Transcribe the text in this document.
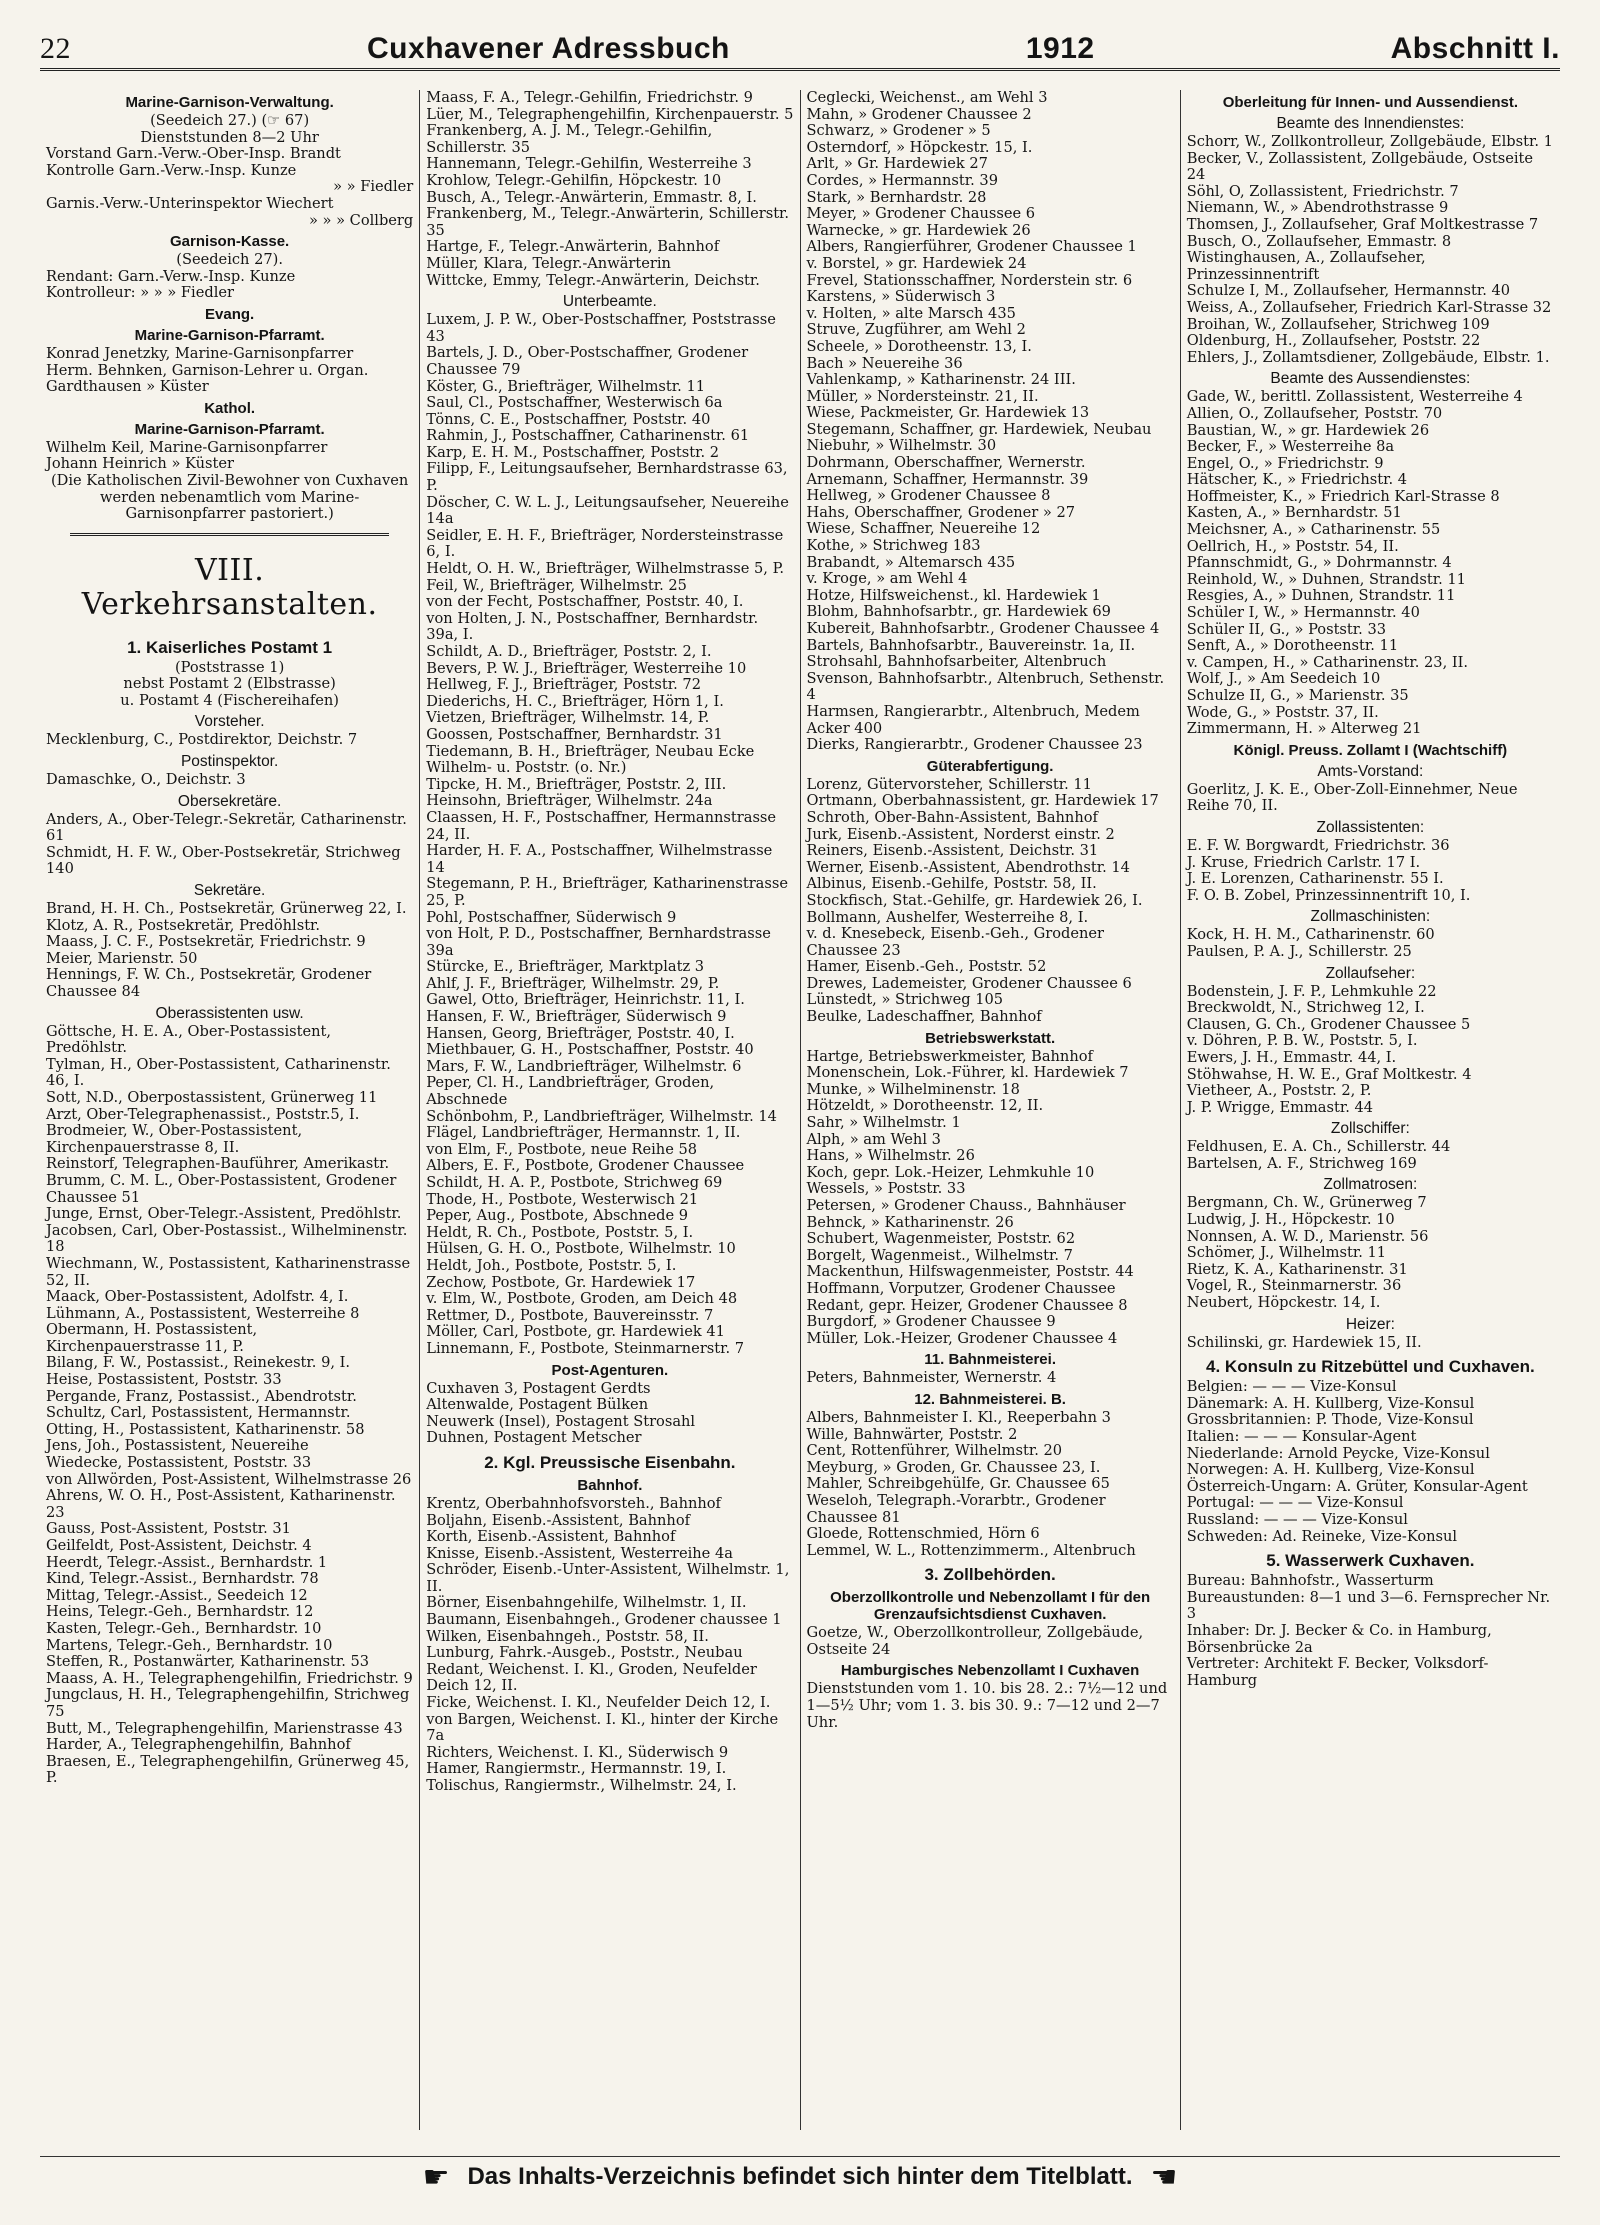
22	Cuxhavener Adressbuch	1912	Abschnitt I.
Marine-Garnison-Verwaltung.

(Seedeich 27.) (☞ 67)

Dienststunden 8—2 Uhr

Vorstand Garn.-Verw.-Ober-Insp. Brandt

Kontrolle Garn.-Verw.-Insp. Kunze

» » Fiedler

Garnis.-Verw.-Unterinspektor Wiechert

» » » Collberg

Garnison-Kasse.

(Seedeich 27).

Rendant: Garn.-Verw.-Insp. Kunze

Kontrolleur: » » » Fiedler

Evang.
Marine-Garnison-Pfarramt.

Konrad Jenetzky, Marine-Garnisonpfarrer

Herm. Behnken, Garnison-Lehrer u. Organ.

Gardthausen » Küster

Kathol.
Marine-Garnison-Pfarramt.

Wilhelm Keil, Marine-Garnisonpfarrer

Johann Heinrich » Küster

(Die Katholischen Zivil-Bewohner von Cuxhaven werden nebenamtlich vom Marine-Garnisonpfarrer pastoriert.)

VIII. Verkehrsanstalten.
1. Kaiserliches Postamt 1

(Poststrasse 1)

nebst Postamt 2 (Elbstrasse)

u. Postamt 4 (Fischereihafen)

Vorsteher.

Mecklenburg, C., Postdirektor, Deichstr. 7

Postinspektor.

Damaschke, O., Deichstr. 3

Obersekretäre.

Anders, A., Ober-Telegr.-Sekretär, Catharinenstr. 61

Schmidt, H. F. W., Ober-Postsekretär, Strichweg 140

Sekretäre.

Brand, H. H. Ch., Postsekretär, Grünerweg 22, I.

Klotz, A. R., Postsekretär, Predöhlstr.

Maass, J. C. F., Postsekretär, Friedrichstr. 9

Meier, Marienstr. 50

Hennings, F. W. Ch., Postsekretär, Grodener Chaussee 84

Oberassistenten usw.

Göttsche, H. E. A., Ober-Postassistent, Predöhlstr.

Tylman, H., Ober-Postassistent, Catharinenstr. 46, I.

Sott, N.D., Oberpostassistent, Grünerweg 11

Arzt, Ober-Telegraphenassist., Poststr.5, I.

Brodmeier, W., Ober-Postassistent, Kirchenpauerstrasse 8, II.

Reinstorf, Telegraphen-Bauführer, Amerikastr.

Brumm, C. M. L., Ober-Postassistent, Grodener Chaussee 51

Junge, Ernst, Ober-Telegr.-Assistent, Predöhlstr.

Jacobsen, Carl, Ober-Postassist., Wilhelminenstr. 18

Wiechmann, W., Postassistent, Katharinenstrasse 52, II.

Maack, Ober-Postassistent, Adolfstr. 4, I.

Lühmann, A., Postassistent, Westerreihe 8

Obermann, H. Postassistent, Kirchenpauerstrasse 11, P.

Bilang, F. W., Postassist., Reinekestr. 9, I.

Heise, Postassistent, Poststr. 33

Pergande, Franz, Postassist., Abendrotstr.

Schultz, Carl, Postassistent, Hermannstr.

Otting, H., Postassistent, Katharinenstr. 58

Jens, Joh., Postassistent, Neuereihe

Wiedecke, Postassistent, Poststr. 33

von Allwörden, Post-Assistent, Wilhelmstrasse 26

Ahrens, W. O. H., Post-Assistent, Katharinenstr. 23

Gauss, Post-Assistent, Poststr. 31

Geilfeldt, Post-Assistent, Deichstr. 4

Heerdt, Telegr.-Assist., Bernhardstr. 1

Kind, Telegr.-Assist., Bernhardstr. 78

Mittag, Telegr.-Assist., Seedeich 12

Heins, Telegr.-Geh., Bernhardstr. 12

Kasten, Telegr.-Geh., Bernhardstr. 10

Martens, Telegr.-Geh., Bernhardstr. 10

Steffen, R., Postanwärter, Katharinenstr. 53

Maass, A. H., Telegraphengehilfin, Friedrichstr. 9

Jungclaus, H. H., Telegraphengehilfin, Strichweg 75

Butt, M., Telegraphengehilfin, Marienstrasse 43

Harder, A., Telegraphengehilfin, Bahnhof

Braesen, E., Telegraphengehilfin, Grünerweg 45, P.

Maass, F. A., Telegr.-Gehilfin, Friedrichstr. 9

Lüer, M., Telegraphengehilfin, Kirchenpauerstr. 5

Frankenberg, A. J. M., Telegr.-Gehilfin, Schillerstr. 35

Hannemann, Telegr.-Gehilfin, Westerreihe 3

Krohlow, Telegr.-Gehilfin, Höpckestr. 10

Busch, A., Telegr.-Anwärterin, Emmastr. 8, I.

Frankenberg, M., Telegr.-Anwärterin, Schillerstr. 35

Hartge, F., Telegr.-Anwärterin, Bahnhof

Müller, Klara, Telegr.-Anwärterin

Wittcke, Emmy, Telegr.-Anwärterin, Deichstr.

Unterbeamte.

Luxem, J. P. W., Ober-Postschaffner, Poststrasse 43

Bartels, J. D., Ober-Postschaffner, Grodener Chaussee 79

Köster, G., Briefträger, Wilhelmstr. 11

Saul, Cl., Postschaffner, Westerwisch 6a

Tönns, C. E., Postschaffner, Poststr. 40

Rahmin, J., Postschaffner, Catharinenstr. 61

Karp, E. H. M., Postschaffner, Poststr. 2

Filipp, F., Leitungsaufseher, Bernhardstrasse 63, P.

Döscher, C. W. L. J., Leitungsaufseher, Neuereihe 14a

Seidler, E. H. F., Briefträger, Nordersteinstrasse 6, I.

Heldt, O. H. W., Briefträger, Wilhelmstrasse 5, P.

Feil, W., Briefträger, Wilhelmstr. 25

von der Fecht, Postschaffner, Poststr. 40, I.

von Holten, J. N., Postschaffner, Bernhardstr. 39a, I.

Schildt, A. D., Briefträger, Poststr. 2, I.

Bevers, P. W. J., Briefträger, Westerreihe 10

Hellweg, F. J., Briefträger, Poststr. 72

Diederichs, H. C., Briefträger, Hörn 1, I.

Vietzen, Briefträger, Wilhelmstr. 14, P.

Goossen, Postschaffner, Bernhardstr. 31

Tiedemann, B. H., Briefträger, Neubau Ecke Wilhelm- u. Poststr. (o. Nr.)

Tipcke, H. M., Briefträger, Poststr. 2, III.

Heinsohn, Briefträger, Wilhelmstr. 24a

Claassen, H. F., Postschaffner, Hermannstrasse 24, II.

Harder, H. F. A., Postschaffner, Wilhelmstrasse 14

Stegemann, P. H., Briefträger, Katharinenstrasse 25, P.

Pohl, Postschaffner, Süderwisch 9

von Holt, P. D., Postschaffner, Bernhardstrasse 39a

Stürcke, E., Briefträger, Marktplatz 3

Ahlf, J. F., Briefträger, Wilhelmstr. 29, P.

Gawel, Otto, Briefträger, Heinrichstr. 11, I.

Hansen, F. W., Briefträger, Süderwisch 9

Hansen, Georg, Briefträger, Poststr. 40, I.

Miethbauer, G. H., Postschaffner, Poststr. 40

Mars, F. W., Landbriefträger, Wilhelmstr. 6

Peper, Cl. H., Landbriefträger, Groden, Abschnede

Schönbohm, P., Landbriefträger, Wilhelmstr. 14

Flägel, Landbriefträger, Hermannstr. 1, II.

von Elm, F., Postbote, neue Reihe 58

Albers, E. F., Postbote, Grodener Chaussee

Schildt, H. A. P., Postbote, Strichweg 69

Thode, H., Postbote, Westerwisch 21

Peper, Aug., Postbote, Abschnede 9

Heldt, R. Ch., Postbote, Poststr. 5, I.

Hülsen, G. H. O., Postbote, Wilhelmstr. 10

Heldt, Joh., Postbote, Poststr. 5, I.

Zechow, Postbote, Gr. Hardewiek 17

v. Elm, W., Postbote, Groden, am Deich 48

Rettmer, D., Postbote, Bauvereinsstr. 7

Möller, Carl, Postbote, gr. Hardewiek 41

Linnemann, F., Postbote, Steinmarnerstr. 7

Post-Agenturen.

Cuxhaven 3, Postagent Gerdts

Altenwalde, Postagent Bülken

Neuwerk (Insel), Postagent Strosahl

Duhnen, Postagent Metscher

2. Kgl. Preussische Eisenbahn.
Bahnhof.

Krentz, Oberbahnhofsvorsteh., Bahnhof

Boljahn, Eisenb.-Assistent, Bahnhof

Korth, Eisenb.-Assistent, Bahnhof

Knisse, Eisenb.-Assistent, Westerreihe 4a

Schröder, Eisenb.-Unter-Assistent, Wilhelmstr. 1, II.

Börner, Eisenbahngehilfe, Wilhelmstr. 1, II.

Baumann, Eisenbahngeh., Grodener chaussee 1

Wilken, Eisenbahngeh., Poststr. 58, II.

Lunburg, Fahrk.-Ausgeb., Poststr., Neubau

Redant, Weichenst. I. Kl., Groden, Neufelder Deich 12, II.

Ficke, Weichenst. I. Kl., Neufelder Deich 12, I.

von Bargen, Weichenst. I. Kl., hinter der Kirche 7a

Richters, Weichenst. I. Kl., Süderwisch 9

Hamer, Rangiermstr., Hermannstr. 19, I.

Tolischus, Rangiermstr., Wilhelmstr. 24, I.

Ceglecki, Weichenst., am Wehl 3

Mahn, » Grodener Chaussee 2

Schwarz, » Grodener » 5

Osterndorf, » Höpckestr. 15, I.

Arlt, » Gr. Hardewiek 27

Cordes, » Hermannstr. 39

Stark, » Bernhardstr. 28

Meyer, » Grodener Chaussee 6

Warnecke, » gr. Hardewiek 26

Albers, Rangierführer, Grodener Chaussee 1

v. Borstel, » gr. Hardewiek 24

Frevel, Stationsschaffner, Norderstein str. 6

Karstens, » Süderwisch 3

v. Holten, » alte Marsch 435

Struve, Zugführer, am Wehl 2

Scheele, » Dorotheenstr. 13, I.

Bach » Neuereihe 36

Vahlenkamp, » Katharinenstr. 24 III.

Müller, » Nordersteinstr. 21, II.

Wiese, Packmeister, Gr. Hardewiek 13

Stegemann, Schaffner, gr. Hardewiek, Neubau

Niebuhr, » Wilhelmstr. 30

Dohrmann, Oberschaffner, Wernerstr.

Arnemann, Schaffner, Hermannstr. 39

Hellweg, » Grodener Chaussee 8

Hahs, Oberschaffner, Grodener » 27

Wiese, Schaffner, Neuereihe 12

Kothe, » Strichweg 183

Brabandt, » Altemarsch 435

v. Kroge, » am Wehl 4

Hotze, Hilfsweichenst., kl. Hardewiek 1

Blohm, Bahnhofsarbtr., gr. Hardewiek 69

Kubereit, Bahnhofsarbtr., Grodener Chaussee 4

Bartels, Bahnhofsarbtr., Bauvereinstr. 1a, II.

Strohsahl, Bahnhofsarbeiter, Altenbruch

Svenson, Bahnhofsarbtr., Altenbruch, Sethenstr. 4

Harmsen, Rangierarbtr., Altenbruch, Medem Acker 400

Dierks, Rangierarbtr., Grodener Chaussee 23

Güterabfertigung.

Lorenz, Gütervorsteher, Schillerstr. 11

Ortmann, Oberbahnassistent, gr. Hardewiek 17

Schroth, Ober-Bahn-Assistent, Bahnhof

Jurk, Eisenb.-Assistent, Norderst einstr. 2

Reiners, Eisenb.-Assistent, Deichstr. 31

Werner, Eisenb.-Assistent, Abendrothstr. 14

Albinus, Eisenb.-Gehilfe, Poststr. 58, II.

Stockfisch, Stat.-Gehilfe, gr. Hardewiek 26, I.

Bollmann, Aushelfer, Westerreihe 8, I.

v. d. Knesebeck, Eisenb.-Geh., Grodener Chaussee 23

Hamer, Eisenb.-Geh., Poststr. 52

Drewes, Lademeister, Grodener Chaussee 6

Lünstedt, » Strichweg 105

Beulke, Ladeschaffner, Bahnhof

Betriebswerkstatt.

Hartge, Betriebswerkmeister, Bahnhof

Monenschein, Lok.-Führer, kl. Hardewiek 7

Munke, » Wilhelminenstr. 18

Hötzeldt, » Dorotheenstr. 12, II.

Sahr, » Wilhelmstr. 1

Alph, » am Wehl 3

Hans, » Wilhelmstr. 26

Koch, gepr. Lok.-Heizer, Lehmkuhle 10

Wessels, » Poststr. 33

Petersen, » Grodener Chauss., Bahnhäuser

Behnck, » Katharinenstr. 26

Schubert, Wagenmeister, Poststr. 62

Borgelt, Wagenmeist., Wilhelmstr. 7

Mackenthun, Hilfswagenmeister, Poststr. 44

Hoffmann, Vorputzer, Grodener Chaussee

Redant, gepr. Heizer, Grodener Chaussee 8

Burgdorf, » Grodener Chaussee 9

Müller, Lok.-Heizer, Grodener Chaussee 4

11. Bahnmeisterei.

Peters, Bahnmeister, Wernerstr. 4

12. Bahnmeisterei. B.

Albers, Bahnmeister I. Kl., Reeperbahn 3

Wille, Bahnwärter, Poststr. 2

Cent, Rottenführer, Wilhelmstr. 20

Meyburg, » Groden, Gr. Chaussee 23, I.

Mahler, Schreibgehülfe, Gr. Chaussee 65

Weseloh, Telegraph.-Vorarbtr., Grodener Chaussee 81

Gloede, Rottenschmied, Hörn 6

Lemmel, W. L., Rottenzimmerm., Altenbruch

3. Zollbehörden.
Oberzollkontrolle und Nebenzollamt I für den Grenzaufsichtsdienst Cuxhaven.

Goetze, W., Oberzollkontrolleur, Zollgebäude, Ostseite 24

Hamburgisches Nebenzollamt I Cuxhaven

Dienststunden vom 1. 10. bis 28. 2.: 7½—12 und 1—5½ Uhr; vom 1. 3. bis 30. 9.: 7—12 und 2—7 Uhr.

Oberleitung für Innen- und Aussendienst.
Beamte des Innendienstes:

Schorr, W., Zollkontrolleur, Zollgebäude, Elbstr. 1

Becker, V., Zollassistent, Zollgebäude, Ostseite 24

Söhl, O, Zollassistent, Friedrichstr. 7

Niemann, W., » Abendrothstrasse 9

Thomsen, J., Zollaufseher, Graf Moltkestrasse 7

Busch, O., Zollaufseher, Emmastr. 8

Wistinghausen, A., Zollaufseher, Prinzessinnentrift

Schulze I, M., Zollaufseher, Hermannstr. 40

Weiss, A., Zollaufseher, Friedrich Karl-Strasse 32

Broihan, W., Zollaufseher, Strichweg 109

Oldenburg, H., Zollaufseher, Poststr. 22

Ehlers, J., Zollamtsdiener, Zollgebäude, Elbstr. 1.

Beamte des Aussendienstes:

Gade, W., berittl. Zollassistent, Westerreihe 4

Allien, O., Zollaufseher, Poststr. 70

Baustian, W., » gr. Hardewiek 26

Becker, F., » Westerreihe 8a

Engel, O., » Friedrichstr. 9

Hätscher, K., » Friedrichstr. 4

Hoffmeister, K., » Friedrich Karl-Strasse 8

Kasten, A., » Bernhardstr. 51

Meichsner, A., » Catharinenstr. 55

Oellrich, H., » Poststr. 54, II.

Pfannschmidt, G., » Dohrmannstr. 4

Reinhold, W., » Duhnen, Strandstr. 11

Resgies, A., » Duhnen, Strandstr. 11

Schüler I, W., » Hermannstr. 40

Schüler II, G., » Poststr. 33

Senft, A., » Dorotheenstr. 11

v. Campen, H., » Catharinenstr. 23, II.

Wolf, J., » Am Seedeich 10

Schulze II, G., » Marienstr. 35

Wode, G., » Poststr. 37, II.

Zimmermann, H. » Alterweg 21

Königl. Preuss. Zollamt I (Wachtschiff)
Amts-Vorstand:

Goerlitz, J. K. E., Ober-Zoll-Einnehmer, Neue Reihe 70, II.

Zollassistenten:

E. F. W. Borgwardt, Friedrichstr. 36

J. Kruse, Friedrich Carlstr. 17 I.

J. E. Lorenzen, Catharinenstr. 55 I.

F. O. B. Zobel, Prinzessinnentrift 10, I.

Zollmaschinisten:

Kock, H. H. M., Catharinenstr. 60

Paulsen, P. A. J., Schillerstr. 25

Zollaufseher:

Bodenstein, J. F. P., Lehmkuhle 22

Breckwoldt, N., Strichweg 12, I.

Clausen, G. Ch., Grodener Chaussee 5

v. Döhren, P. B. W., Poststr. 5, I.

Ewers, J. H., Emmastr. 44, I.

Stöhwahse, H. W. E., Graf Moltkestr. 4

Vietheer, A., Poststr. 2, P.

J. P. Wrigge, Emmastr. 44

Zollschiffer:

Feldhusen, E. A. Ch., Schillerstr. 44

Bartelsen, A. F., Strichweg 169

Zollmatrosen:

Bergmann, Ch. W., Grünerweg 7

Ludwig, J. H., Höpckestr. 10

Nonnsen, A. W. D., Marienstr. 56

Schömer, J., Wilhelmstr. 11

Rietz, K. A., Katharinenstr. 31

Vogel, R., Steinmarnerstr. 36

Neubert, Höpckestr. 14, I.

Heizer:

Schilinski, gr. Hardewiek 15, II.

4. Konsuln zu Ritzebüttel und Cuxhaven.

Belgien: — — — Vize-Konsul

Dänemark: A. H. Kullberg, Vize-Konsul

Grossbritannien: P. Thode, Vize-Konsul

Italien: — — — Konsular-Agent

Niederlande: Arnold Peycke, Vize-Konsul

Norwegen: A. H. Kullberg, Vize-Konsul

Österreich-Ungarn: A. Grüter, Konsular-Agent

Portugal: — — — Vize-Konsul

Russland: — — — Vize-Konsul

Schweden: Ad. Reineke, Vize-Konsul

5. Wasserwerk Cuxhaven.

Bureau: Bahnhofstr., Wasserturm

Bureaustunden: 8—1 und 3—6. Fernsprecher Nr. 3

Inhaber: Dr. J. Becker & Co. in Hamburg, Börsenbrücke 2a

Vertreter: Architekt F. Becker, Volksdorf-Hamburg

☛ Das Inhalts-Verzeichnis befindet sich hinter dem Titelblatt. ☚
